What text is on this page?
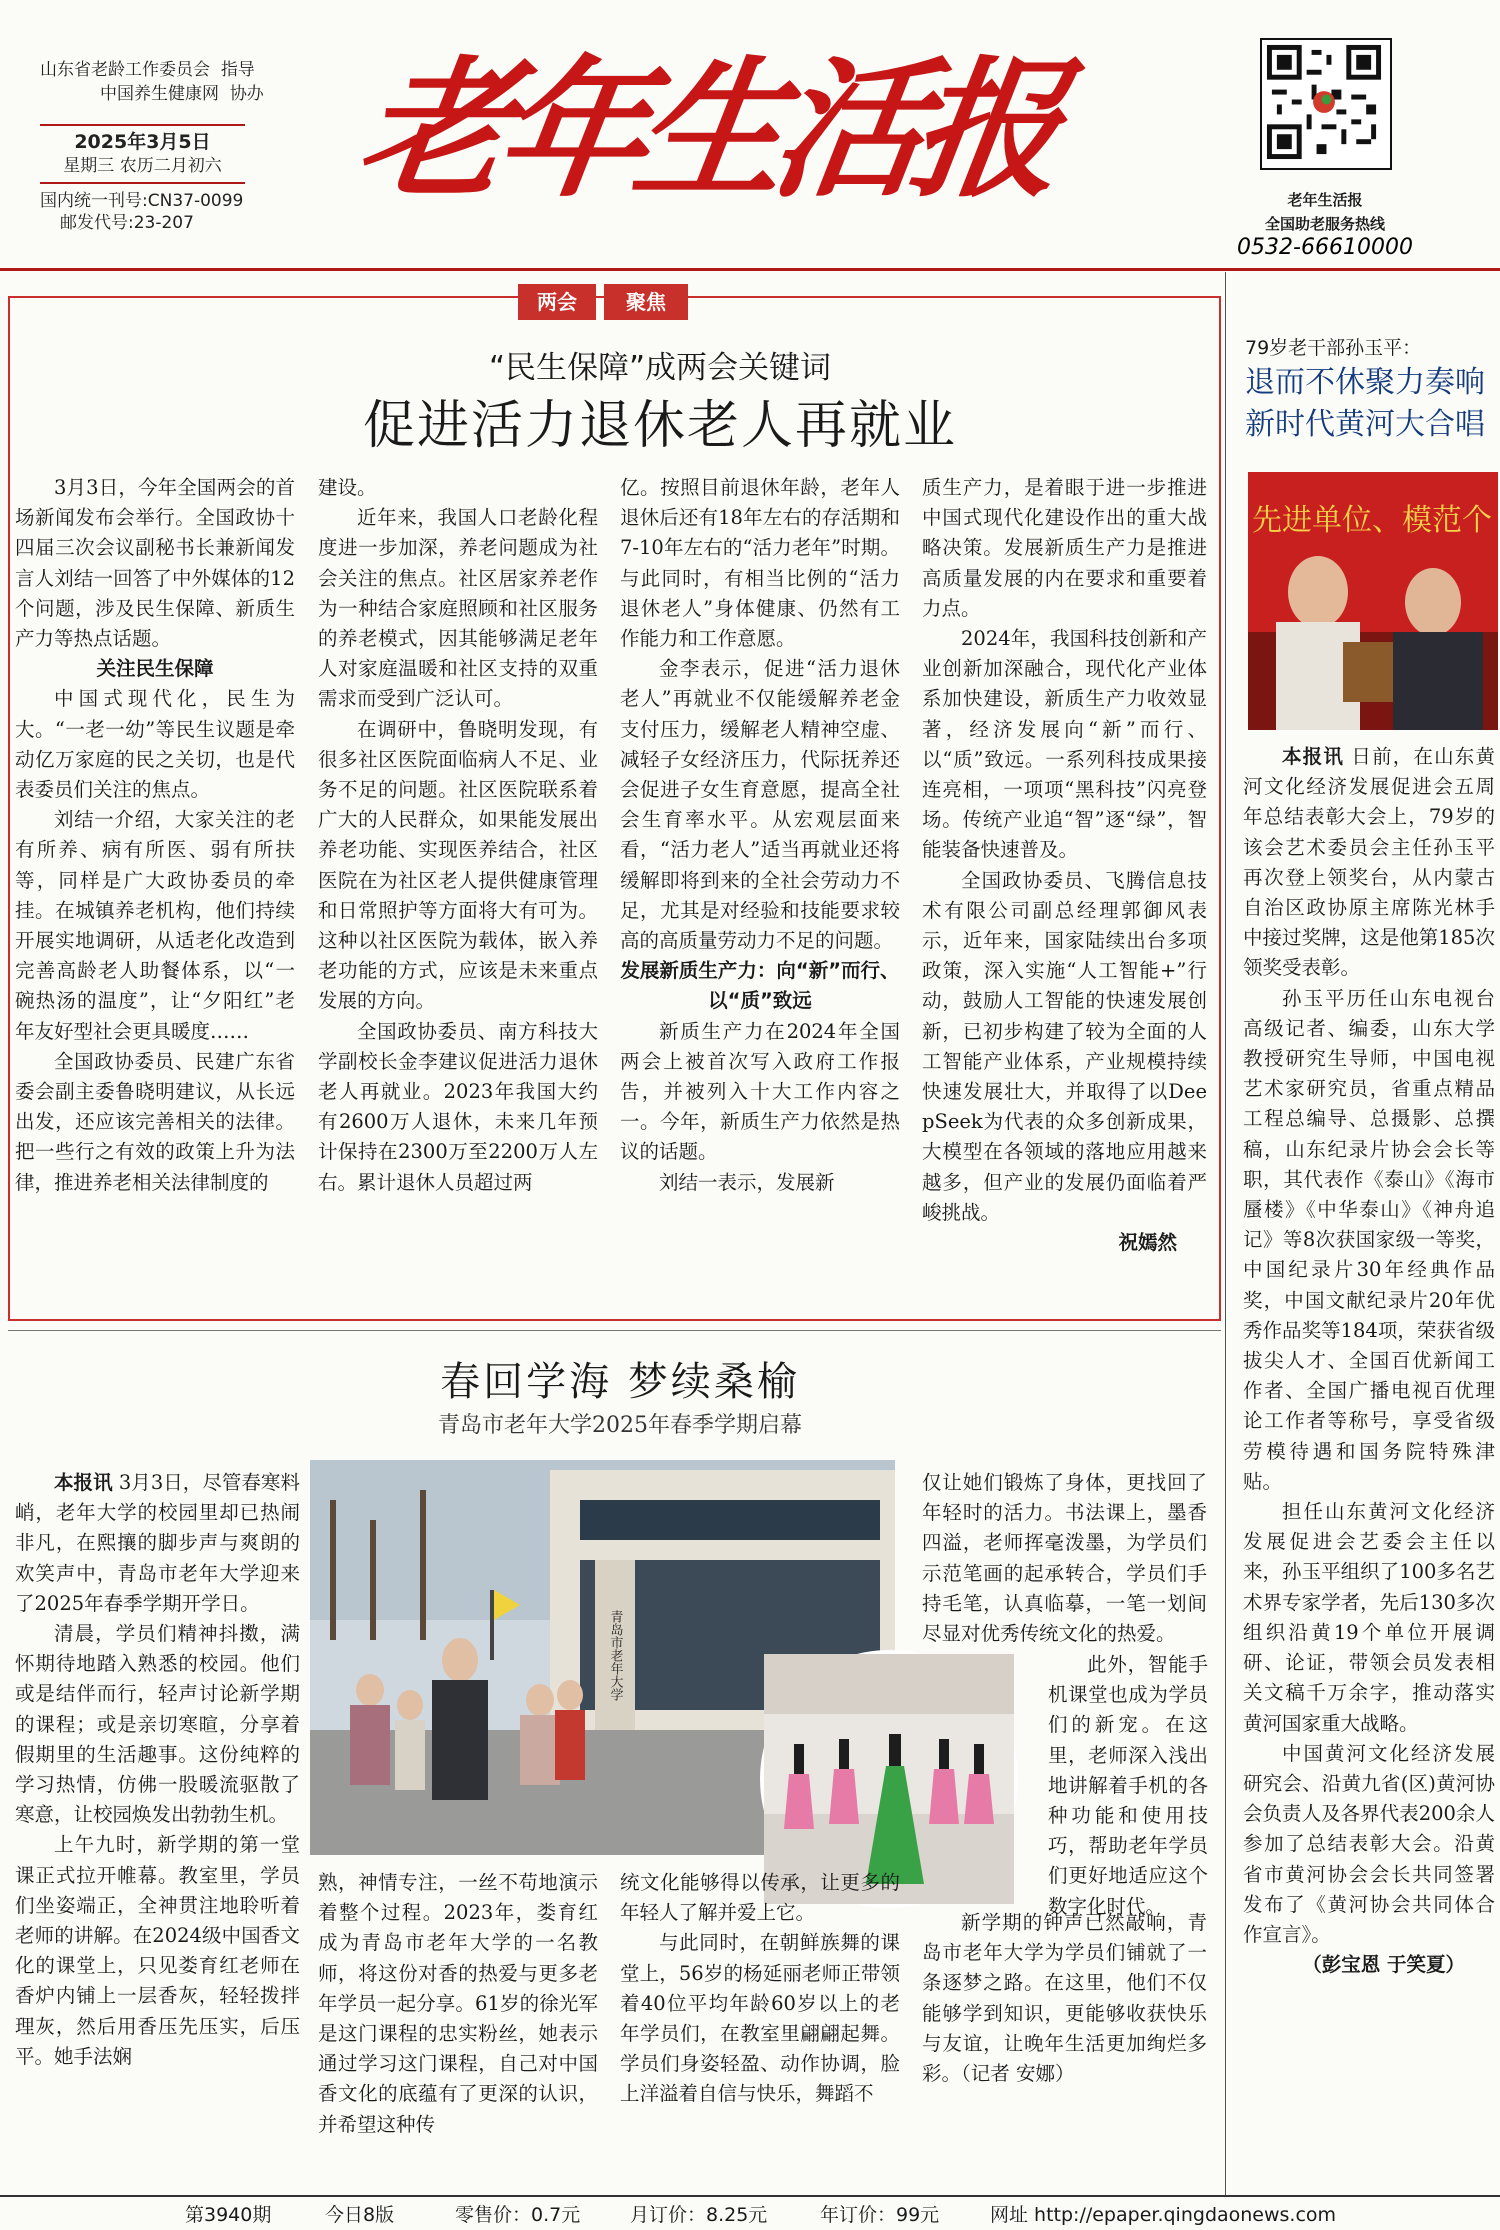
山东省老龄工作委员会 指导
中国养生健康网 协办
2025年3月5日
星期三 农历二月初六
国内统一刊号:CN37-0099
邮发代号:23-207
老年生活报	老年生活报
全国助老服务热线
0532-66610000
两会	聚焦
“民生保障”成两会关键词
促进活力退休老人再就业

3月3日，今年全国两会的首场新闻发布会举行。全国政协十四届三次会议副秘书长兼新闻发言人刘结一回答了中外媒体的12个问题，涉及民生保障、新质生产力等热点话题。

关注民生保障

中国式现代化，民生为大。“一老一幼”等民生议题是牵动亿万家庭的民之关切，也是代表委员们关注的焦点。

刘结一介绍，大家关注的老有所养、病有所医、弱有所扶等，同样是广大政协委员的牵挂。在城镇养老机构，他们持续开展实地调研，从适老化改造到完善高龄老人助餐体系，以“一碗热汤的温度”，让“夕阳红”老年友好型社会更具暖度……

全国政协委员、民建广东省委会副主委鲁晓明建议，从长远出发，还应该完善相关的法律。把一些行之有效的政策上升为法律，推进养老相关法律制度的

建设。

近年来，我国人口老龄化程度进一步加深，养老问题成为社会关注的焦点。社区居家养老作为一种结合家庭照顾和社区服务的养老模式，因其能够满足老年人对家庭温暖和社区支持的双重需求而受到广泛认可。

在调研中，鲁晓明发现，有很多社区医院面临病人不足、业务不足的问题。社区医院联系着广大的人民群众，如果能发展出养老功能、实现医养结合，社区医院在为社区老人提供健康管理和日常照护等方面将大有可为。这种以社区医院为载体，嵌入养老功能的方式，应该是未来重点发展的方向。

全国政协委员、南方科技大学副校长金李建议促进活力退休老人再就业。2023年我国大约有2600万人退休，未来几年预计保持在2300万至2200万人左右。累计退休人员超过两

亿。按照目前退休年龄，老年人退休后还有18年左右的存活期和7-10年左右的“活力老年”时期。与此同时，有相当比例的“活力退休老人”身体健康、仍然有工作能力和工作意愿。

金李表示，促进“活力退休老人”再就业不仅能缓解养老金支付压力，缓解老人精神空虚、减轻子女经济压力，代际抚养还会促进子女生育意愿，提高全社会生育率水平。从宏观层面来看，“活力老人”适当再就业还将缓解即将到来的全社会劳动力不足，尤其是对经验和技能要求较高的高质量劳动力不足的问题。

发展新质生产力：向“新”而行、以“质”致远

新质生产力在2024年全国两会上被首次写入政府工作报告，并被列入十大工作内容之一。今年，新质生产力依然是热议的话题。

刘结一表示，发展新

质生产力，是着眼于进一步推进中国式现代化建设作出的重大战略决策。发展新质生产力是推进高质量发展的内在要求和重要着力点。

2024年，我国科技创新和产业创新加深融合，现代化产业体系加快建设，新质生产力收效显著，经济发展向“新”而行、以“质”致远。一系列科技成果接连亮相，一项项“黑科技”闪亮登场。传统产业追“智”逐“绿”，智能装备快速普及。

全国政协委员、飞腾信息技术有限公司副总经理郭御风表示，近年来，国家陆续出台多项政策，深入实施“人工智能+”行动，鼓励人工智能的快速发展创新，已初步构建了较为全面的人工智能产业体系，产业规模持续快速发展壮大，并取得了以DeepSeek为代表的众多创新成果，大模型在各领域的落地应用越来越多，但产业的发展仍面临着严峻挑战。

祝嫣然

79岁老干部孙玉平：
退而不休聚力奏响新时代黄河大合唱
先进单位、模范个

本报讯 日前，在山东黄河文化经济发展促进会五周年总结表彰大会上，79岁的该会艺术委员会主任孙玉平再次登上领奖台，从内蒙古自治区政协原主席陈光林手中接过奖牌，这是他第185次领奖受表彰。

孙玉平历任山东电视台高级记者、编委，山东大学教授研究生导师，中国电视艺术家研究员，省重点精品工程总编导、总摄影、总撰稿，山东纪录片协会会长等职，其代表作《泰山》《海市蜃楼》《中华泰山》《神舟追记》等8次获国家级一等奖，中国纪录片30年经典作品奖，中国文献纪录片20年优秀作品奖等184项，荣获省级拔尖人才、全国百优新闻工作者、全国广播电视百优理论工作者等称号，享受省级劳模待遇和国务院特殊津贴。

担任山东黄河文化经济发展促进会艺委会主任以来，孙玉平组织了100多名艺术界专家学者，先后130多次组织沿黄19个单位开展调研、论证，带领会员发表相关文稿千万余字，推动落实黄河国家重大战略。

中国黄河文化经济发展研究会、沿黄九省(区)黄河协会负责人及各界代表200余人参加了总结表彰大会。沿黄省市黄河协会会长共同签署发布了《黄河协会共同体合作宣言》。

（彭宝恩 于笑夏）

春回学海 梦续桑榆
青岛市老年大学2025年春季学期启幕
青岛市老年大学

本报讯 3月3日，尽管春寒料峭，老年大学的校园里却已热闹非凡，在熙攘的脚步声与爽朗的欢笑声中，青岛市老年大学迎来了2025年春季学期开学日。

清晨，学员们精神抖擞，满怀期待地踏入熟悉的校园。他们或是结伴而行，轻声讨论新学期的课程；或是亲切寒暄，分享着假期里的生活趣事。这份纯粹的学习热情，仿佛一股暖流驱散了寒意，让校园焕发出勃勃生机。

上午九时，新学期的第一堂课正式拉开帷幕。教室里，学员们坐姿端正，全神贯注地聆听着老师的讲解。在2024级中国香文化的课堂上，只见娄育红老师在香炉内铺上一层香灰，轻轻拨拌理灰，然后用香压先压实，后压平。她手法娴

熟，神情专注，一丝不苟地演示着整个过程。2023年，娄育红成为青岛市老年大学的一名教师，将这份对香的热爱与更多老年学员一起分享。61岁的徐光军是这门课程的忠实粉丝，她表示通过学习这门课程，自己对中国香文化的底蕴有了更深的认识，并希望这种传

统文化能够得以传承，让更多的年轻人了解并爱上它。

与此同时，在朝鲜族舞的课堂上，56岁的杨延丽老师正带领着40位平均年龄60岁以上的老年学员们，在教室里翩翩起舞。学员们身姿轻盈、动作协调，脸上洋溢着自信与快乐，舞蹈不

仅让她们锻炼了身体，更找回了年轻时的活力。书法课上，墨香四溢，老师挥毫泼墨，为学员们示范笔画的起承转合，学员们手持毛笔，认真临摹，一笔一划间尽显对优秀传统文化的热爱。

此外，智能手机课堂也成为学员们的新宠。在这里，老师深入浅出地讲解着手机的各种功能和使用技巧，帮助老年学员们更好地适应这个数字化时代。

新学期的钟声已然敲响，青岛市老年大学为学员们铺就了一条逐梦之路。在这里，他们不仅能够学到知识，更能够收获快乐与友谊，让晚年生活更加绚烂多彩。（记者 安娜）

第3940期	今日8版	零售价：0.7元	月订价：8.25元	年订价：99元	网址 http://epaper.qingdaonews.com
